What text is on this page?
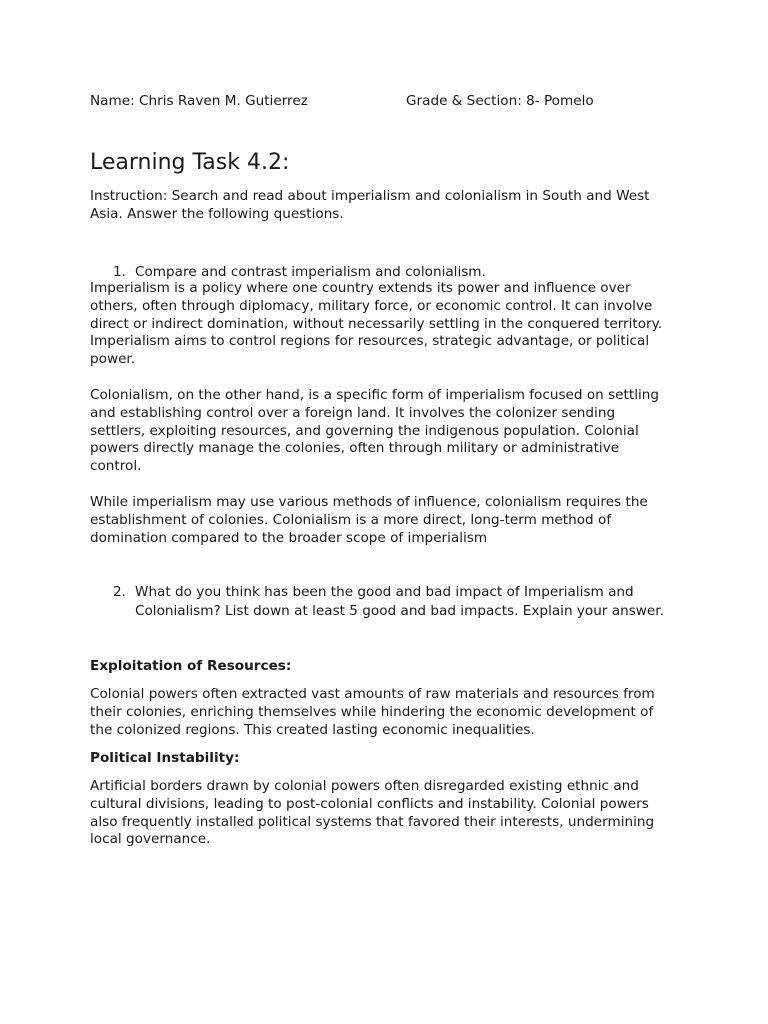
Name: Chris Raven M. Gutierrez	Grade & Section: 8- Pomelo
Learning Task 4.2:

Instruction: Search and read about imperialism and colonialism in South and West
Asia. Answer the following questions.

1. Compare and contrast imperialism and colonialism.

Imperialism is a policy where one country extends its power and influence over
others, often through diplomacy, military force, or economic control. It can involve
direct or indirect domination, without necessarily settling in the conquered territory.
Imperialism aims to control regions for resources, strategic advantage, or political
power.

Colonialism, on the other hand, is a specific form of imperialism focused on settling
and establishing control over a foreign land. It involves the colonizer sending
settlers, exploiting resources, and governing the indigenous population. Colonial
powers directly manage the colonies, often through military or administrative
control.

While imperialism may use various methods of influence, colonialism requires the
establishment of colonies. Colonialism is a more direct, long-term method of
domination compared to the broader scope of imperialism

2. What do you think has been the good and bad impact of Imperialism and
Colonialism? List down at least 5 good and bad impacts. Explain your answer.

Exploitation of Resources:

Colonial powers often extracted vast amounts of raw materials and resources from
their colonies, enriching themselves while hindering the economic development of
the colonized regions. This created lasting economic inequalities.

Political Instability:

Artificial borders drawn by colonial powers often disregarded existing ethnic and
cultural divisions, leading to post-colonial conflicts and instability. Colonial powers
also frequently installed political systems that favored their interests, undermining
local governance.
